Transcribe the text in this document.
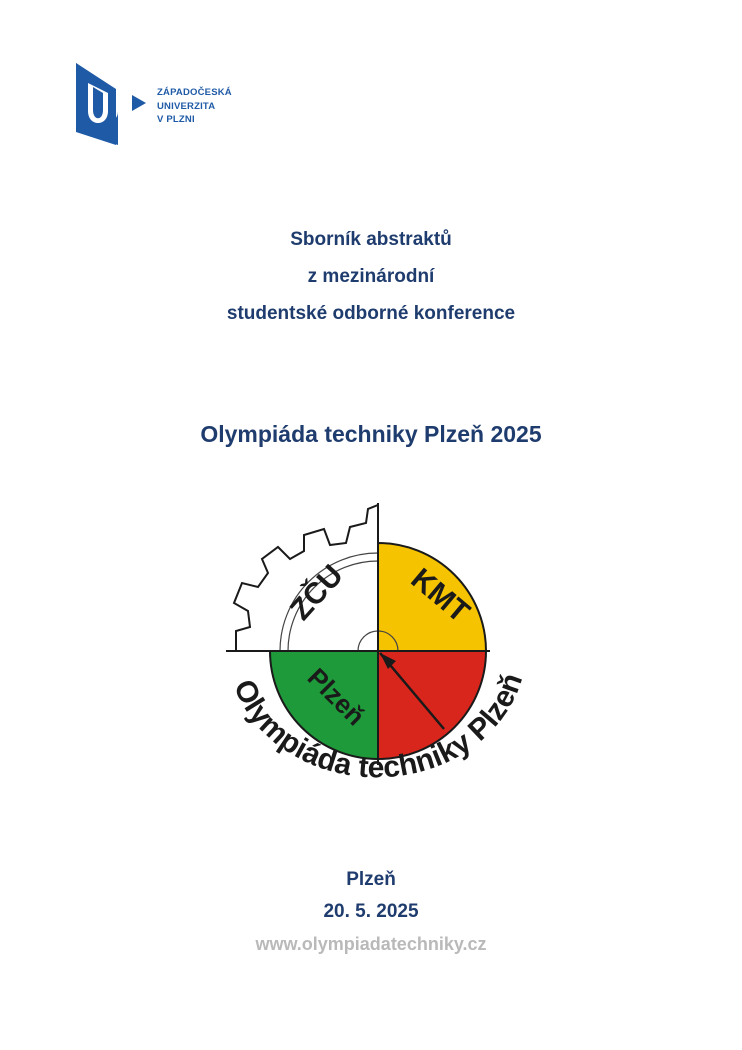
ZÁPADOČESKÁ
UNIVERZITA
V PLZNI
Sborník abstraktů
z mezinárodní
studentské odborné konference
Olympiáda techniky Plzeň 2025
ZČU KMT
Plzeň
Olympiáda techniky Plzeň
Plzeň
20. 5. 2025
www.olympiadatechniky.cz
